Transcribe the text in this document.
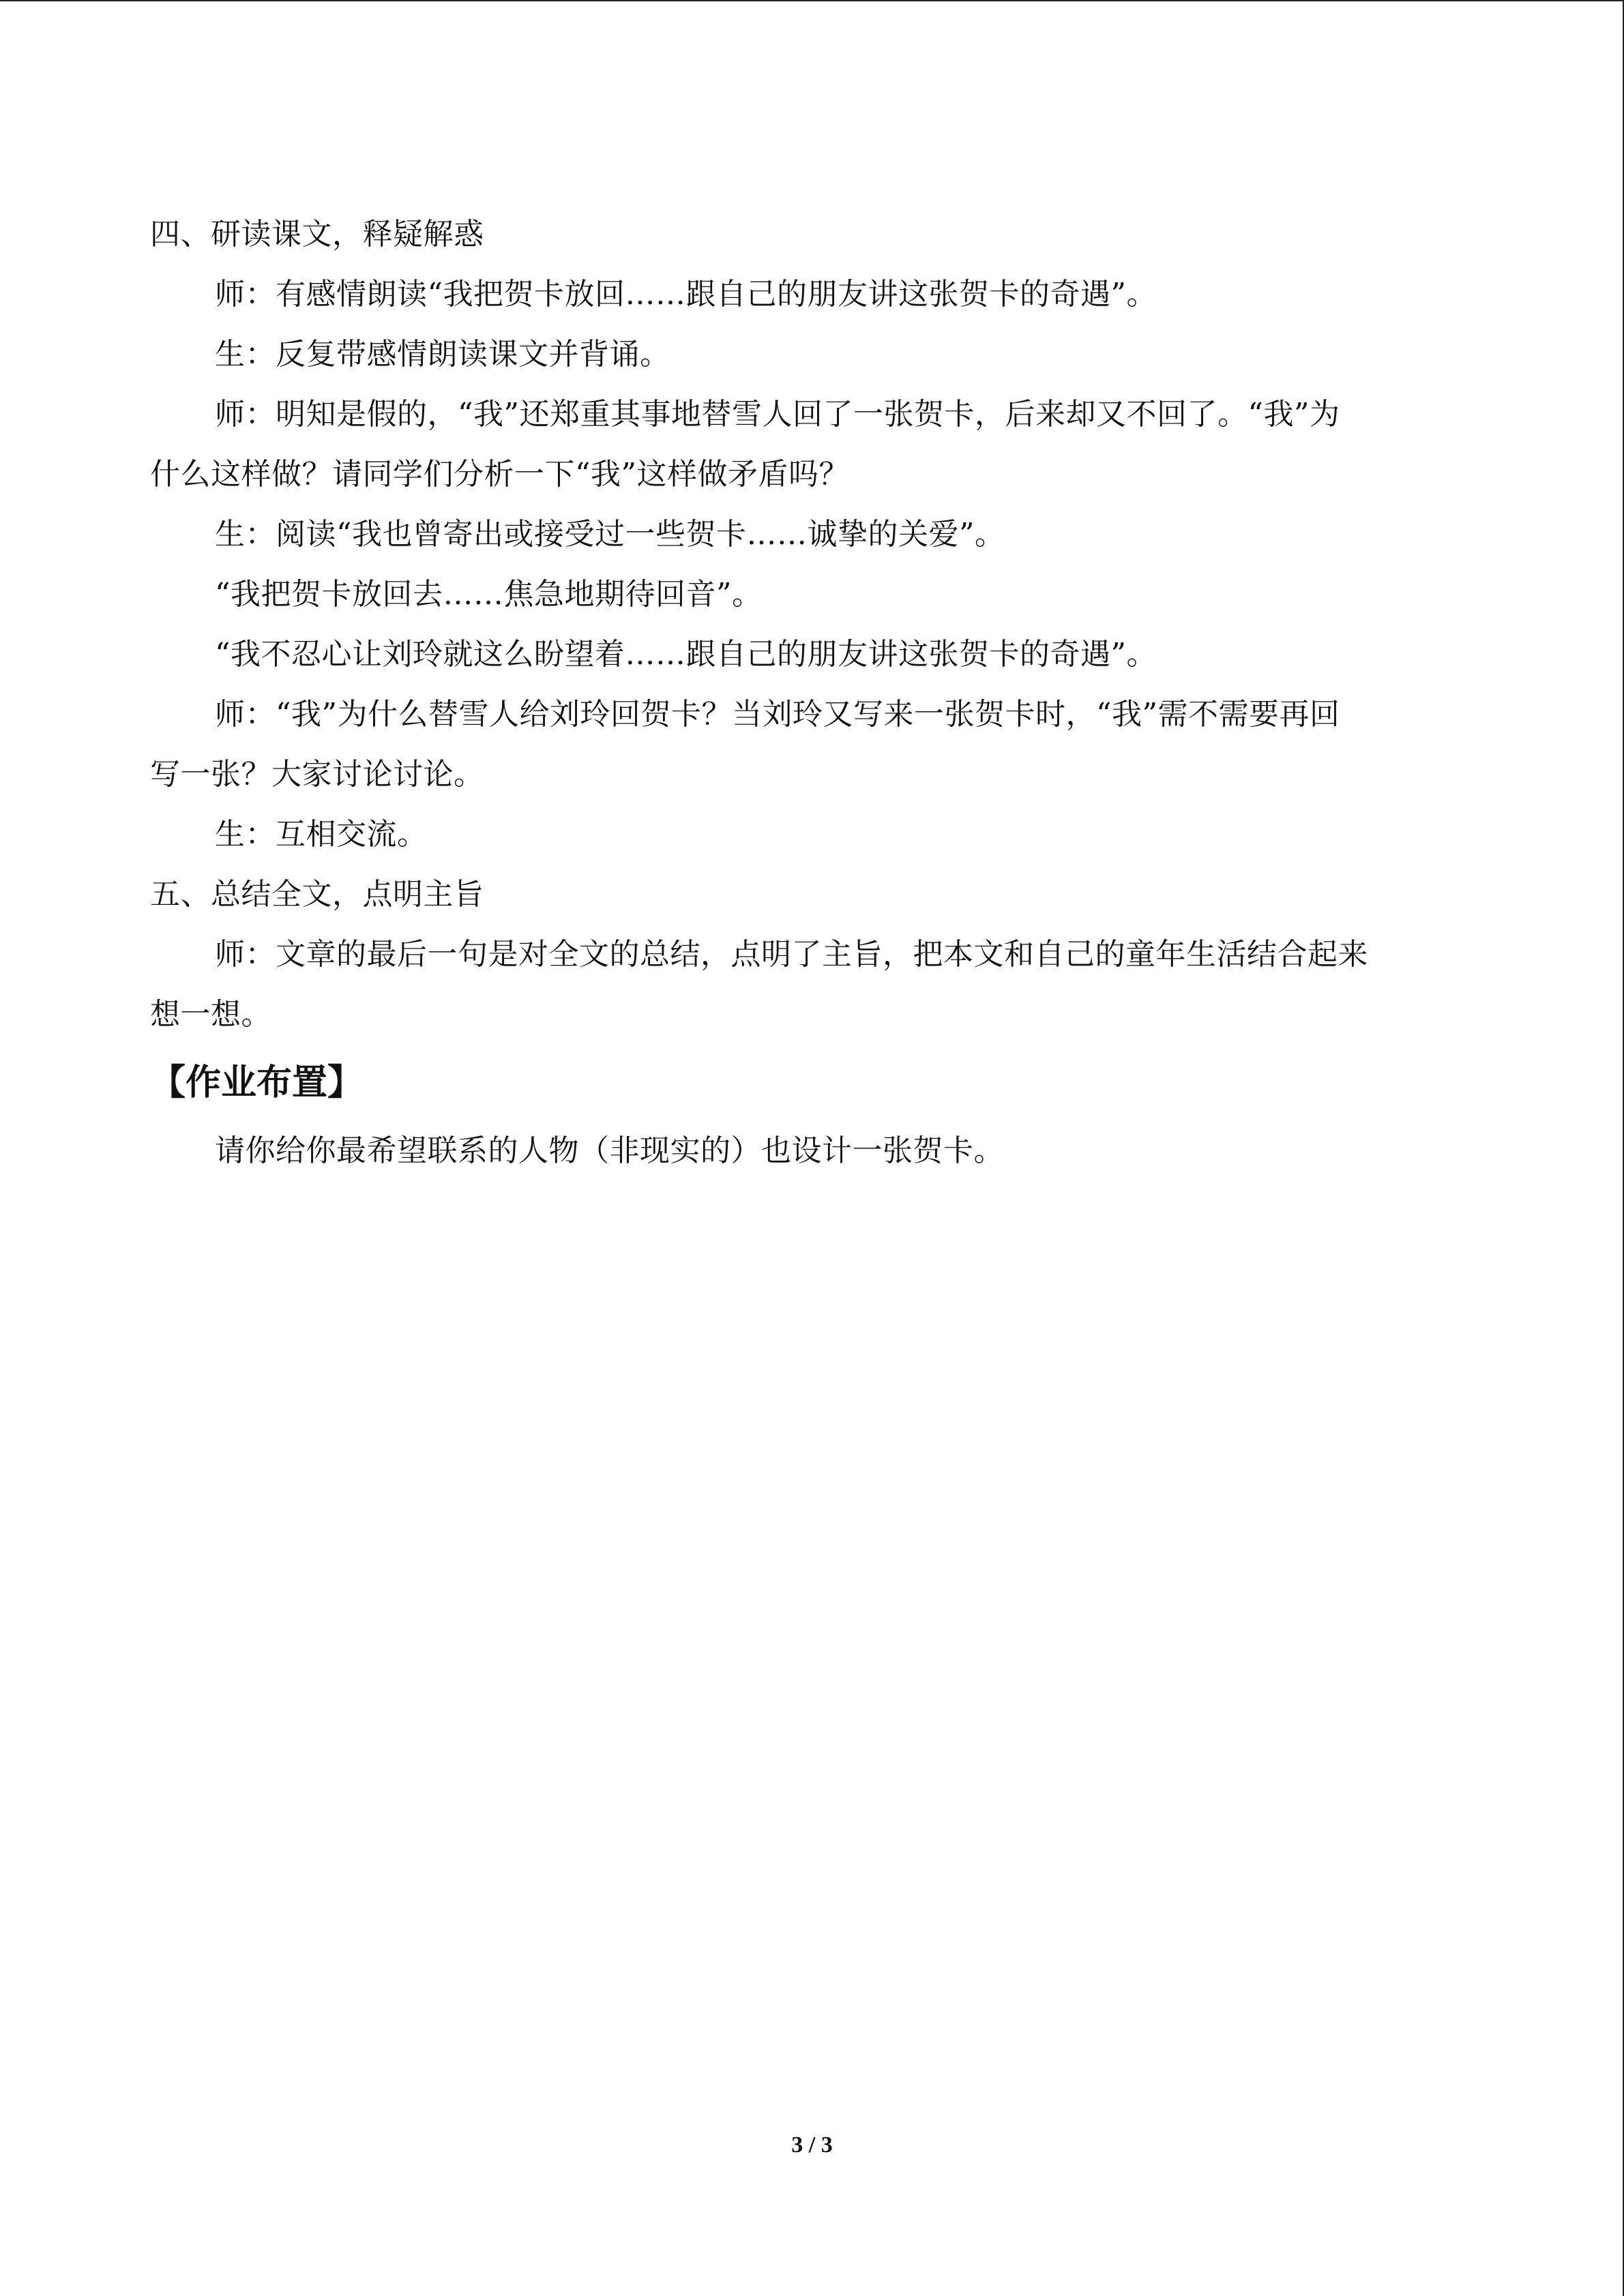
四、研读课文，释疑解惑
师：有感情朗读“我把贺卡放回……跟自己的朋友讲这张贺卡的奇遇”。
生：反复带感情朗读课文并背诵。
师：明知是假的，“我”还郑重其事地替雪人回了一张贺卡，后来却又不回了。“我”为
什么这样做？请同学们分析一下“我”这样做矛盾吗？
生：阅读“我也曾寄出或接受过一些贺卡……诚挚的关爱”。
“我把贺卡放回去……焦急地期待回音”。
“我不忍心让刘玲就这么盼望着……跟自己的朋友讲这张贺卡的奇遇”。
师：“我”为什么替雪人给刘玲回贺卡？当刘玲又写来一张贺卡时，“我”需不需要再回
写一张？大家讨论讨论。
生：互相交流。
五、总结全文，点明主旨
师：文章的最后一句是对全文的总结，点明了主旨，把本文和自己的童年生活结合起来
想一想。
【作业布置】
请你给你最希望联系的人物（非现实的）也设计一张贺卡。
3 / 3
